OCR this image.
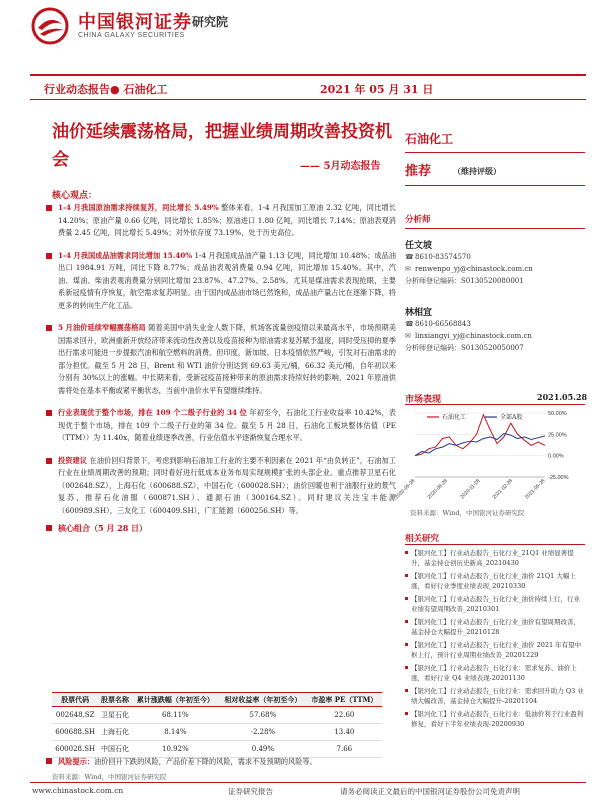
中国银河证券
CHINA GALAXY SECURITIES
研究院
行业动态报告● 石油化工	2021 年 05 月 31 日
油价延续震荡格局，把握业绩周期改善投资机会	—— 5月动态报告
核心观点：
1-4 月我国原油需求持续复苏，同比增长 5.49% 整体来看，1-4 月我国加工原油 2.32 亿吨，同比增长 14.20%；原油产量 0.66 亿吨，同比增长 1.85%；原油进口 1.80 亿吨，同比增长 7.14%；原油表观消费量 2.45 亿吨，同比增长 5.49%；对外依存度 73.19%，处于历史高位。
1-4 月我国成品油需求同比增加 15.40% 1-4 月我国成品油产量 1.13 亿吨，同比增加 10.48%；成品油出口 1984.91 万吨，同比下降 8.77%；成品油表观消费量 0.94 亿吨，同比增加 15.40%。其中，汽油、煤油、柴油表观消费量分别同比增加 23.87%、47.27%、2.58%。尤其是煤油需求表现抢眼，主要系新冠疫情有序恢复，航空需求复苏明显。由于国内成品油市场已然饱和，成品油产量占比在逐渐下降，将更多的转向生产化工品。
5 月油价延续窄幅震荡格局 随着美国中消失业金人数下降，机场客流量创疫情以来最高水平，市场预期美国需求回升，欧洲重新开放经济带来流动性改善以及疫苗接种为原油需求复苏赋予温度，同时受压抑的夏季出行需求可能进一步提振汽油和航空燃料的消费。但印度、新加坡、日本疫情依然严峻，引发对石油需求的部分担忧。截至 5 月 28 日，Brent 和 WTI 油价分别达到 69.63 美元/桶，66.32 美元/桶，自年初以来分别有 30%以上的涨幅。中长期来看，受新冠疫苗接种带来的原油需求持续好转的影响，2021 年原油供需将处在基本平衡或紧平衡状态，当前中油价水平有望继续维持。
行业表现优于整个市场，排在 109 个二级子行业的 34 位 年初至今，石油化工行业收益率 10.42%，表现优于整个市场，排在 109 个二级子行业的第 34 位。截至 5 月 28 日，石油化工板块整体估值（PE（TTM））为 11.40x，随着业绩逐季改善，行业估值水平逐渐恢复合理水平。
投资建议 在油价回归背景下，考虑到影响石油加工行业的主要不利因素在 2021 年“由负转正”，石油加工行业在业绩周期改善的预期；同时看好进行低成本业务布局实现规模扩张的头部企业。重点推荐卫星石化（002648.SZ），上海石化（600688.SZ），中国石化（600028.SH）；油价回暖也利于油服行业的景气复苏，推荐石化油服（600871.SH）、通源石油（300164.SZ）。同时建议关注宝丰能源（600989.SH），三友化工（600409.SH），广汇能源（600256.SH）等。
核心组合（5 月 28 日）
股票代码	股票名称	累计涨跌幅（年初至今）	相对收益率（年初至今）	市盈率 PE（TTM）
002648.SZ	卫星石化	68.11%	57.68%	22.60
600688.SH	上海石化	8.14%	-2.28%	13.40
600028.SH	中国石化	10.92%	0.49%	7.66
资料来源：Wind，中国银河证券研究院
石油化工
推荐	（维持评级）
分析师
任文坡
☎8610-83574570
✉ renwenpo_yj@chinastock.com.cn
分析师登记编码：S0130520080001
林相宜
☎8610-66568843
✉ linxiangyi_yj@chinastock.com.cn
分析师登记编码：S0130520050007
市场表现	2021.05.28
50.00%
25.00%
0.00%
-25.00%
石油化工	全部A股
2020-05-28 2020-08-28 2020-11-28 2021-02-28 2021-05-28
资料来源：Wind，中国银河证券研究院
相关研究
【银河化工】行业动态报告_石化行业_21Q1 业绩显著提升，基金持仓创历史新高_20210430
【银河化工】行业动态报告_石化行业_油价 21Q1 大幅上涨，看好行业季度业绩表现_20210330
【银河化工】行业动态报告_石化行业_油价持续上行，行业业绩有望周期改善_20210301
【银河化工】行业动态报告_石化行业_油价有望周期改善，基金持仓大幅提升_20210128
【银河化工】行业动态报告_石化行业_油价 2021 年有望中枢上行，预计行业周期业绩改善_20201229
【银河化工】行业动态报告_石化行业：需求复苏、油价上涨，看好行业 Q4 业绩表现-20201130
【银河化工】行业动态报告_石化行业：需求回升助力 Q3 业绩大幅改善，基金持仓大幅提升-20201104
【银河化工】行业动态报告_石化行业：低油价利于行业盈利修复，看好下半年业绩表现-20200930
风险提示：油价回升下跌的风险，产品价差下降的风险，需求不及预期的风险等。
www.chinastock.com.cn	证券研究报告	请务必阅读正文最后的中国银河证券股份公司免责声明
